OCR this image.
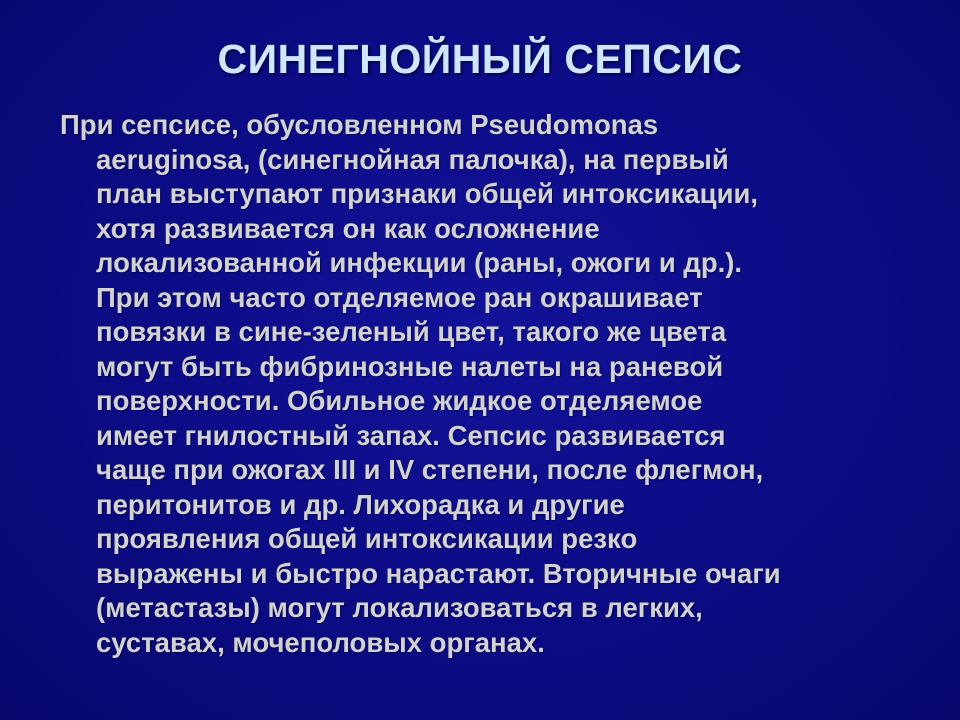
СИНЕГНОЙНЫЙ СЕПСИС
При сепсисе, обусловленном Pseudomonas
aeruginosa, (синегнойная палочка), на первый
план выступают признаки общей интоксикации,
хотя развивается он как осложнение
локализованной инфекции (раны, ожоги и др.).
При этом часто отделяемое ран окрашивает
повязки в сине-зеленый цвет, такого же цвета
могут быть фибринозные налеты на раневой
поверхности. Обильное жидкое отделяемое
имеет гнилостный запах. Сепсис развивается
чаще при ожогах III и IV степени, после флегмон,
перитонитов и др. Лихорадка и другие
проявления общей интоксикации резко
выражены и быстро нарастают. Вторичные очаги
(метастазы) могут локализоваться в легких,
суставах, мочеполовых органах.
